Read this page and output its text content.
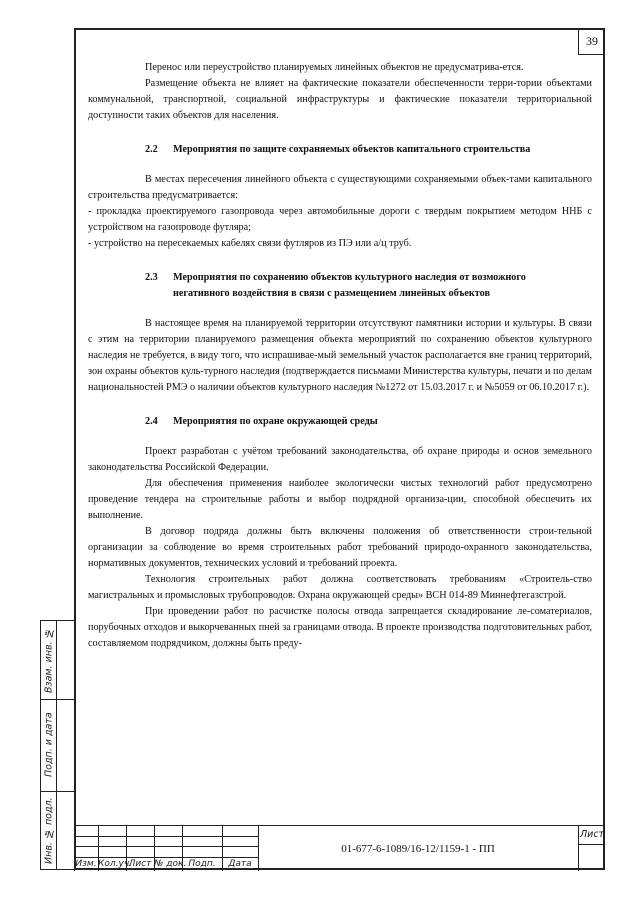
39

Перенос или переустройство планируемых линейных объектов не предусматрива-ется.

Размещение объекта не влияет на фактические показатели обеспеченности терри-тории объектами коммунальной, транспортной, социальной инфраструктуры и фактические показатели территориальной доступности таких объектов для населения.

2.2	Мероприятия по защите сохраняемых объектов капитального строительства

В местах пересечения линейного объекта с существующими сохраняемыми объек-тами капитального строительства предусматривается:

- прокладка проектируемого газопровода через автомобильные дороги с твердым покрытием методом ННБ с устройством на газопроводе футляра;

- устройство на пересекаемых кабелях связи футляров из ПЭ или а/ц труб.

2.3	Мероприятия по сохранению объектов культурного наследия от возможного негативного воздействия в связи с размещением линейных объектов

В настоящее время на планируемой территории отсутствуют памятники истории и культуры. В связи с этим на территории планируемого размещения объекта мероприятий по сохранению объектов культурного наследия не требуется, в виду того, что испрашивае-мый земельный участок располагается вне границ территорий, зон охраны объектов куль-турного наследия (подтверждается письмами Министерства культуры, печати и по делам национальностей РМЭ о наличии объектов культурного наследия №1272 от 15.03.2017 г. и №5059 от 06.10.2017 г.).

2.4	Мероприятия по охране окружающей среды

Проект разработан с учётом требований законодательства, об охране природы и основ земельного законодательства Российской Федерации.

Для обеспечения применения наиболее экологически чистых технологий работ предусмотрено проведение тендера на строительные работы и выбор подрядной организа-ции, способной обеспечить их выполнение.

В договор подряда должны быть включены положения об ответственности строи-тельной организации за соблюдение во время строительных работ требований природо-охранного законодательства, нормативных документов, технических условий и требований проекта.

Технология строительных работ должна соответствовать требованиям «Строитель-ство магистральных и промысловых трубопроводов. Охрана окружающей среды» ВСН 014-89 Миннефтегазстрой.

При проведении работ по расчистке полосы отвода запрещается складирование ле-соматериалов, порубочных отходов и выкорчеванных пней за границами отвода. В проекте производства подготовительных работ, составляемом подрядчиком, должны быть преду-

Взам. инв. №
Подп. и дата
Инв. № подл. Изм. Кол.уч.
Лист № док. Подп.	Дата
01-677-6-1089/16-12/1159-1 - ПП
Лист
